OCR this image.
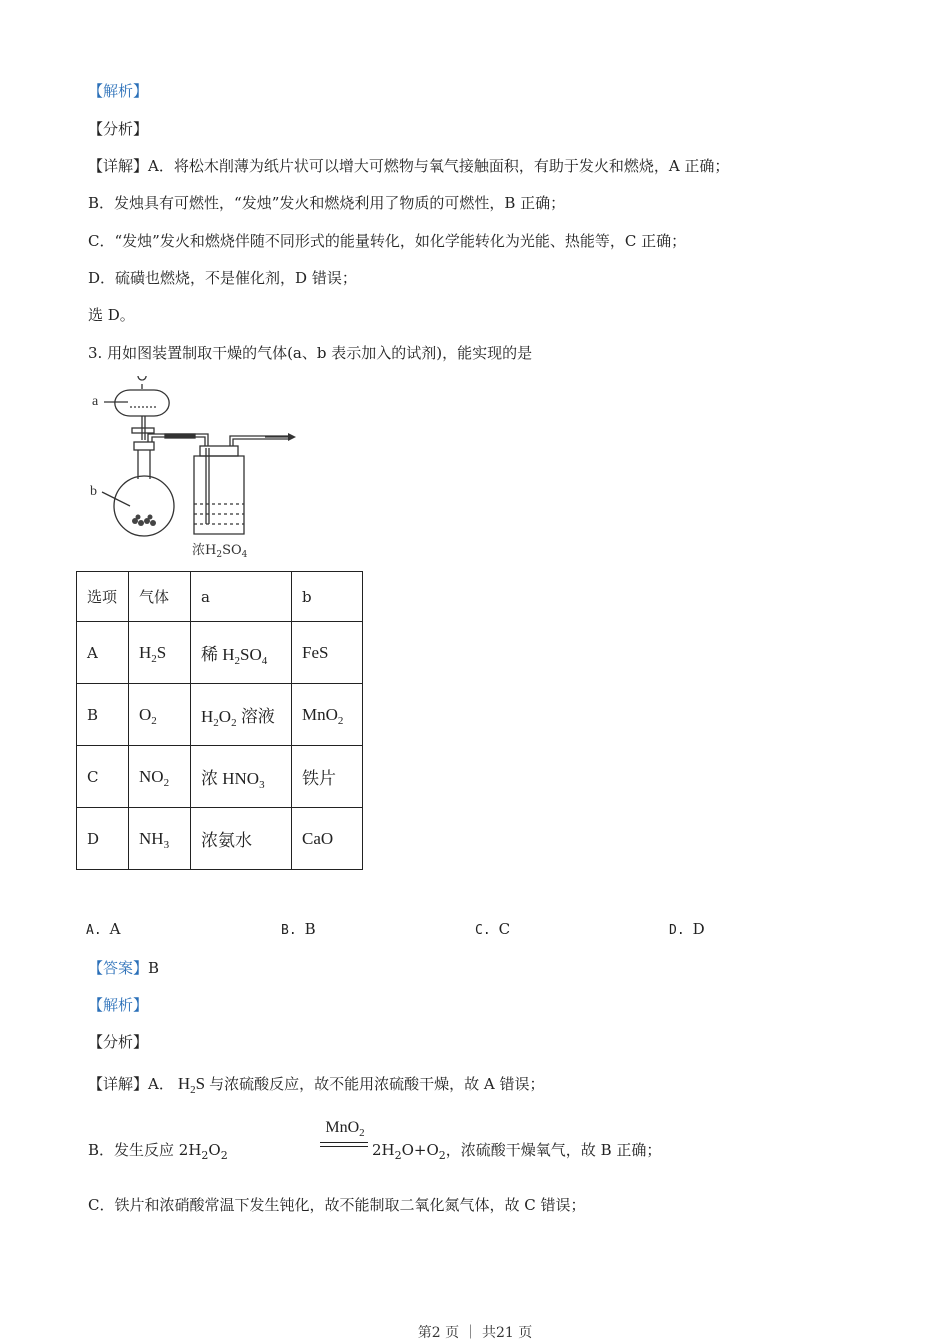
【解析】
【分析】
【详解】A．将松木削薄为纸片状可以增大可燃物与氧气接触面积，有助于发火和燃烧，A 正确；
B．发烛具有可燃性，“发烛”发火和燃烧利用了物质的可燃性，B 正确；
C．“发烛”发火和燃烧伴随不同形式的能量转化，如化学能转化为光能、热能等，C 正确；
D．硫磺也燃烧，不是催化剂，D 错误；
选 D。
3. 用如图装置制取干燥的气体(a、b 表示加入的试剂)，能实现的是
a
b
浓$H_2SO_4$
选项	气体	a	b
A	$H_2S$	稀 $H_2SO_4$	FeS
B	$O_2$	$H_2O_2$ 溶液	MnO$_2$
C	$NO_2$	浓 $HNO_3$	铁片
D	$NH_3$	浓氨水	CaO
A. A	B. B	C. C	D. D
【答案】B
【解析】
【分析】
【详解】A． $H_2S$ 与浓硫酸反应，故不能用浓硫酸干燥，故 A 错误；
B．发生反应 $2H_2O_2$
MnO$_2$
$2H_2O+O_2$，浓硫酸干燥氧气，故 B 正确；
C．铁片和浓硝酸常温下发生钝化，故不能制取二氧化氮气体，故 C 错误；
第2 页 ｜ 共21 页
